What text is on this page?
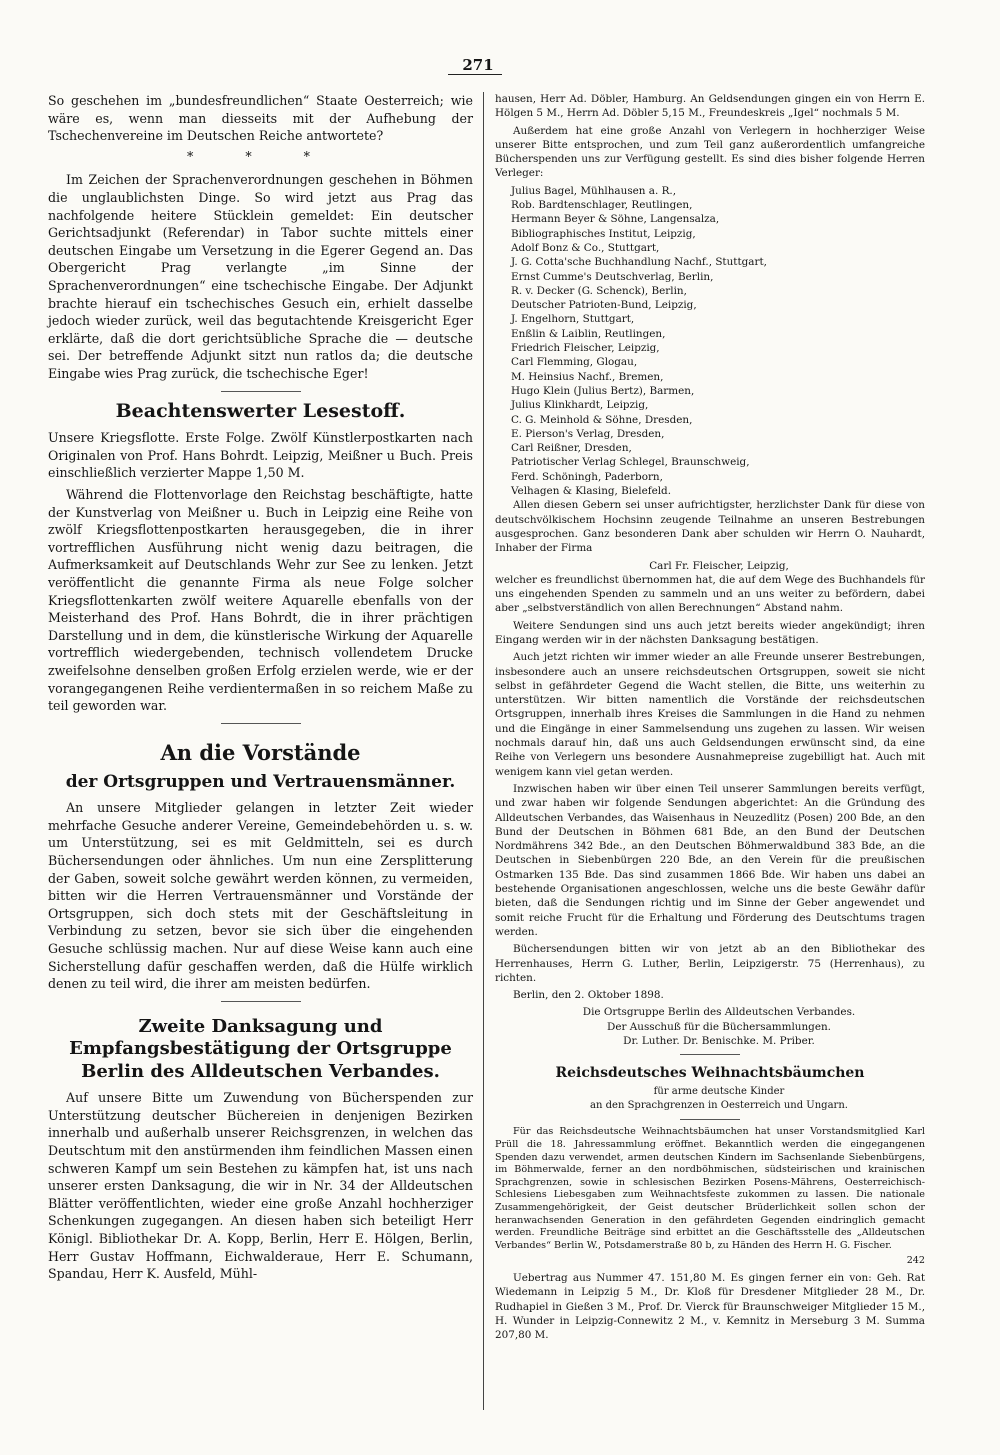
271

So geschehen im „bundesfreundlichen“ Staate Oesterreich; wie wäre es, wenn man diesseits mit der Aufhebung der Tschechenvereine im Deutschen Reiche antwortete?

* * *

Im Zeichen der Sprachenverordnungen geschehen in Böhmen die unglaublichsten Dinge. So wird jetzt aus Prag das nachfolgende heitere Stücklein gemeldet: Ein deutscher Gerichtsadjunkt (Referendar) in Tabor suchte mittels einer deutschen Eingabe um Versetzung in die Egerer Gegend an. Das Obergericht Prag verlangte „im Sinne der Sprachenverordnungen“ eine tschechische Eingabe. Der Adjunkt brachte hierauf ein tschechisches Gesuch ein, erhielt dasselbe jedoch wieder zurück, weil das begutachtende Kreisgericht Eger erklärte, daß die dort gerichtsübliche Sprache die — deutsche sei. Der betreffende Adjunkt sitzt nun ratlos da; die deutsche Eingabe wies Prag zurück, die tschechische Eger!

Beachtenswerter Lesestoff.

Unsere Kriegsflotte. Erste Folge. Zwölf Künstlerpostkarten nach Originalen von Prof. Hans Bohrdt. Leipzig, Meißner u Buch. Preis einschließlich verzierter Mappe 1,50 M.

Während die Flottenvorlage den Reichstag beschäftigte, hatte der Kunstverlag von Meißner u. Buch in Leipzig eine Reihe von zwölf Kriegsflottenpostkarten herausgegeben, die in ihrer vortrefflichen Ausführung nicht wenig dazu beitragen, die Aufmerksamkeit auf Deutschlands Wehr zur See zu lenken. Jetzt veröffentlicht die genannte Firma als neue Folge solcher Kriegsflottenkarten zwölf weitere Aquarelle ebenfalls von der Meisterhand des Prof. Hans Bohrdt, die in ihrer prächtigen Darstellung und in dem, die künstlerische Wirkung der Aquarelle vortrefflich wiedergebenden, technisch vollendetem Drucke zweifelsohne denselben großen Erfolg erzielen werde, wie er der vorangegangenen Reihe verdientermaßen in so reichem Maße zu teil geworden war.

An die Vorstände
der Ortsgruppen und Vertrauensmänner.

An unsere Mitglieder gelangen in letzter Zeit wieder mehrfache Gesuche anderer Vereine, Gemeindebehörden u. s. w. um Unterstützung, sei es mit Geldmitteln, sei es durch Büchersendungen oder ähnliches. Um nun eine Zersplitterung der Gaben, soweit solche gewährt werden können, zu vermeiden, bitten wir die Herren Vertrauensmänner und Vorstände der Ortsgruppen, sich doch stets mit der Geschäftsleitung in Verbindung zu setzen, bevor sie sich über die eingehenden Gesuche schlüssig machen. Nur auf diese Weise kann auch eine Sicherstellung dafür geschaffen werden, daß die Hülfe wirklich denen zu teil wird, die ihrer am meisten bedürfen.

Zweite Danksagung und Empfangsbestätigung der Ortsgruppe Berlin des Alldeutschen Verbandes.

Auf unsere Bitte um Zuwendung von Bücherspenden zur Unterstützung deutscher Büchereien in denjenigen Bezirken innerhalb und außerhalb unserer Reichsgrenzen, in welchen das Deutschtum mit den anstürmenden ihm feindlichen Massen einen schweren Kampf um sein Bestehen zu kämpfen hat, ist uns nach unserer ersten Danksagung, die wir in Nr. 34 der Alldeutschen Blätter veröffentlichten, wieder eine große Anzahl hochherziger Schenkungen zugegangen. An diesen haben sich beteiligt Herr Königl. Bibliothekar Dr. A. Kopp, Berlin, Herr E. Hölgen, Berlin, Herr Gustav Hoffmann, Eichwalderaue, Herr E. Schumann, Spandau, Herr K. Ausfeld, Mühl-

hausen, Herr Ad. Döbler, Hamburg. An Geldsendungen gingen ein von Herrn E. Hölgen 5 M., Herrn Ad. Döbler 5,15 M., Freundeskreis „Igel“ nochmals 5 M.

Außerdem hat eine große Anzahl von Verlegern in hochherziger Weise unserer Bitte entsprochen, und zum Teil ganz außerordentlich umfangreiche Bücherspenden uns zur Verfügung gestellt. Es sind dies bisher folgende Herren Verleger:

Julius Bagel, Mühlhausen a. R.,
Rob. Bardtenschlager, Reutlingen,
Hermann Beyer & Söhne, Langensalza,
Bibliographisches Institut, Leipzig,
Adolf Bonz & Co., Stuttgart,
J. G. Cotta'sche Buchhandlung Nachf., Stuttgart,
Ernst Cumme's Deutschverlag, Berlin,
R. v. Decker (G. Schenck), Berlin,
Deutscher Patrioten-Bund, Leipzig,
J. Engelhorn, Stuttgart,
Enßlin & Laiblin, Reutlingen,
Friedrich Fleischer, Leipzig,
Carl Flemming, Glogau,
M. Heinsius Nachf., Bremen,
Hugo Klein (Julius Bertz), Barmen,
Julius Klinkhardt, Leipzig,
C. G. Meinhold & Söhne, Dresden,
E. Pierson's Verlag, Dresden,
Carl Reißner, Dresden,
Patriotischer Verlag Schlegel, Braunschweig,
Ferd. Schöningh, Paderborn,
Velhagen & Klasing, Bielefeld.

Allen diesen Gebern sei unser aufrichtigster, herzlichster Dank für diese von deutschvölkischem Hochsinn zeugende Teilnahme an unseren Bestrebungen ausgesprochen. Ganz besonderen Dank aber schulden wir Herrn O. Nauhardt, Inhaber der Firma

Carl Fr. Fleischer, Leipzig,

welcher es freundlichst übernommen hat, die auf dem Wege des Buchhandels für uns eingehenden Spenden zu sammeln und an uns weiter zu befördern, dabei aber „selbstverständlich von allen Berechnungen“ Abstand nahm.

Weitere Sendungen sind uns auch jetzt bereits wieder angekündigt; ihren Eingang werden wir in der nächsten Danksagung bestätigen.

Auch jetzt richten wir immer wieder an alle Freunde unserer Bestrebungen, insbesondere auch an unsere reichsdeutschen Ortsgruppen, soweit sie nicht selbst in gefährdeter Gegend die Wacht stellen, die Bitte, uns weiterhin zu unterstützen. Wir bitten namentlich die Vorstände der reichsdeutschen Ortsgruppen, innerhalb ihres Kreises die Sammlungen in die Hand zu nehmen und die Eingänge in einer Sammelsendung uns zugehen zu lassen. Wir weisen nochmals darauf hin, daß uns auch Geldsendungen erwünscht sind, da eine Reihe von Verlegern uns besondere Ausnahmepreise zugebilligt hat. Auch mit wenigem kann viel getan werden.

Inzwischen haben wir über einen Teil unserer Sammlungen bereits verfügt, und zwar haben wir folgende Sendungen abgerichtet: An die Gründung des Alldeutschen Verbandes, das Waisenhaus in Neuzedlitz (Posen) 200 Bde, an den Bund der Deutschen in Böhmen 681 Bde, an den Bund der Deutschen Nordmährens 342 Bde., an den Deutschen Böhmerwaldbund 383 Bde, an die Deutschen in Siebenbürgen 220 Bde, an den Verein für die preußischen Ostmarken 135 Bde. Das sind zusammen 1866 Bde. Wir haben uns dabei an bestehende Organisationen angeschlossen, welche uns die beste Gewähr dafür bieten, daß die Sendungen richtig und im Sinne der Geber angewendet und somit reiche Frucht für die Erhaltung und Förderung des Deutschtums tragen werden.

Büchersendungen bitten wir von jetzt ab an den Bibliothekar des Herrenhauses, Herrn G. Luther, Berlin, Leipzigerstr. 75 (Herrenhaus), zu richten.

Berlin, den 2. Oktober 1898.

Die Ortsgruppe Berlin des Alldeutschen Verbandes.

Der Ausschuß für die Büchersammlungen.

Dr. Luther. Dr. Benischke. M. Priber.

Reichsdeutsches Weihnachtsbäumchen

für arme deutsche Kinder

an den Sprachgrenzen in Oesterreich und Ungarn.

Für das Reichsdeutsche Weihnachtsbäumchen hat unser Vorstandsmitglied Karl Prüll die 18. Jahressammlung eröffnet. Bekanntlich werden die eingegangenen Spenden dazu verwendet, armen deutschen Kindern im Sachsenlande Siebenbürgens, im Böhmerwalde, ferner an den nordböhmischen, südsteirischen und krainischen Sprachgrenzen, sowie in schlesischen Bezirken Posens-Mährens, Oesterreichisch-Schlesiens Liebesgaben zum Weihnachtsfeste zukommen zu lassen. Die nationale Zusammengehörigkeit, der Geist deutscher Brüderlichkeit sollen schon der heranwachsenden Generation in den gefährdeten Gegenden eindringlich gemacht werden. Freundliche Beiträge sind erbittet an die Geschäftsstelle des „Alldeutschen Verbandes“ Berlin W., Potsdamerstraße 80 b, zu Händen des Herrn H. G. Fischer.

242

Uebertrag aus Nummer 47. 151,80 M. Es gingen ferner ein von: Geh. Rat Wiedemann in Leipzig 5 M., Dr. Kloß für Dresdener Mitglieder 28 M., Dr. Rudhapiel in Gießen 3 M., Prof. Dr. Vierck für Braunschweiger Mitglieder 15 M., H. Wunder in Leipzig-Connewitz 2 M., v. Kemnitz in Merseburg 3 M. Summa 207,80 M.
